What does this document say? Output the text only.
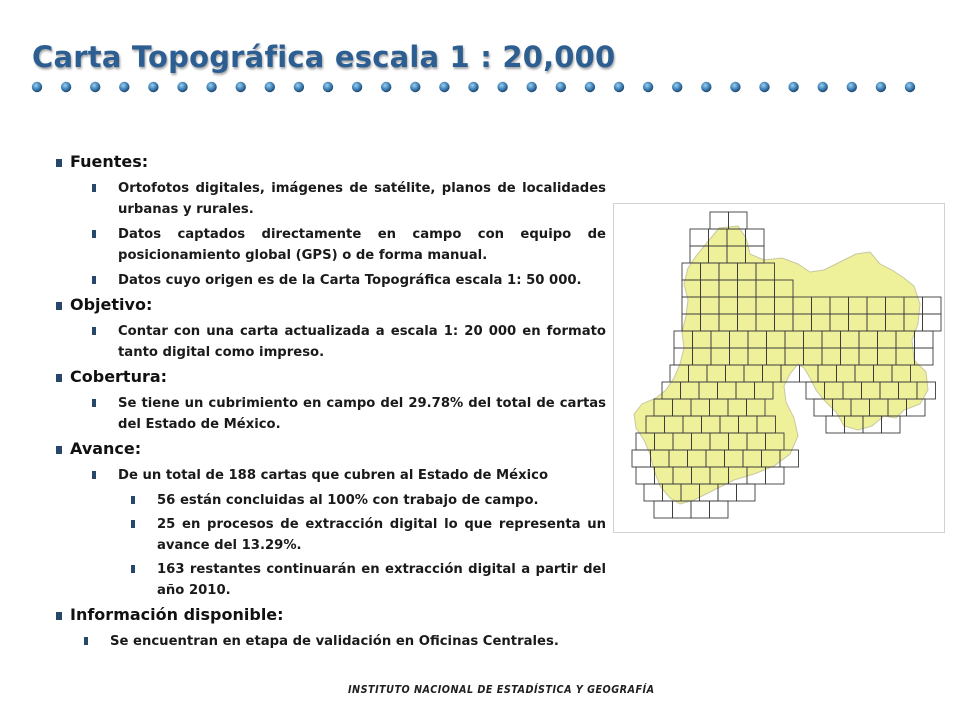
Carta Topográfica escala 1 : 20,000
Fuentes:
Ortofotos digitales, imágenes de satélite, planos de localidades urbanas y rurales.
Datos captados directamente en campo con equipo de posicionamiento global (GPS) o de forma manual.
Datos cuyo origen es de la Carta Topográfica escala 1: 50 000.
Objetivo:
Contar con una carta actualizada a escala 1: 20 000 en formato tanto digital como impreso.
Cobertura:
Se tiene un cubrimiento en campo del 29.78% del total de cartas del Estado de México.
Avance:
De un total de 188 cartas que cubren al Estado de México
56 están concluidas al 100% con trabajo de campo.
25 en procesos de extracción digital lo que representa un avance del 13.29%.
163 restantes continuarán en extracción digital a partir del año 2010.
Información disponible:
Se encuentran en etapa de validación en Oficinas Centrales.
INSTITUTO NACIONAL DE ESTADÍSTICA Y GEOGRAFÍA
